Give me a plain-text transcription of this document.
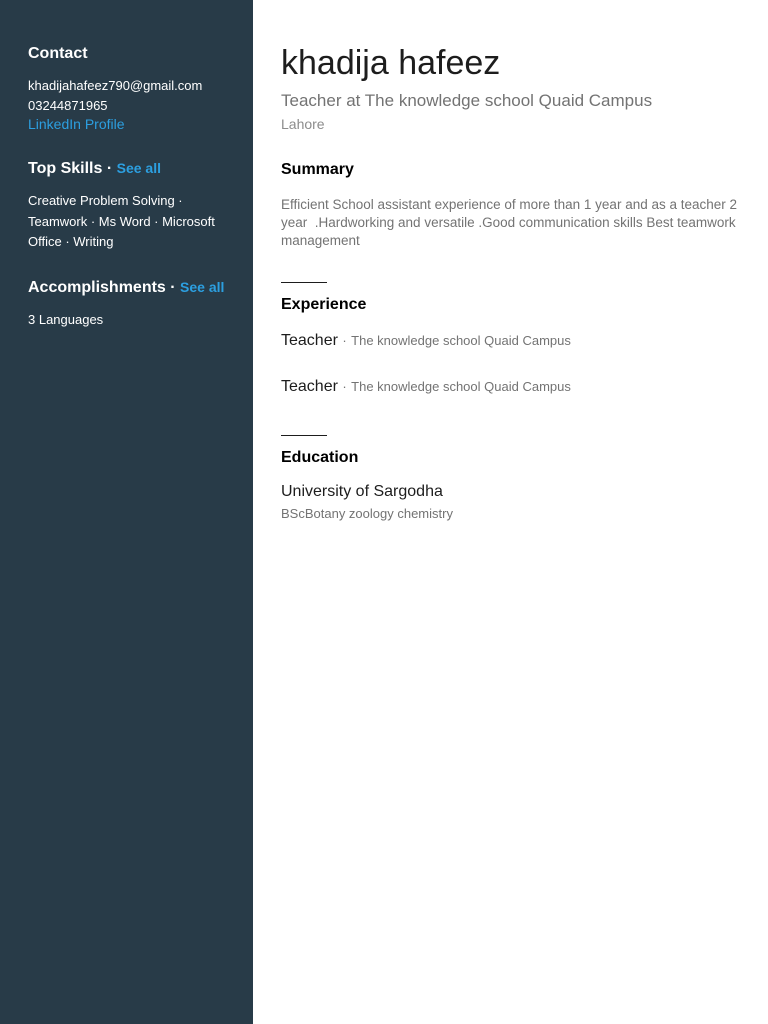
Contact

khadijahafeez790@gmail.com

03244871965

LinkedIn Profile
Top Skills · See all
Creative Problem Solving ·
Teamwork · Ms Word · Microsoft
Office · Writing
Accomplishments · See all

3 Languages

khadija hafeez
Teacher at The knowledge school Quaid Campus
Lahore
Summary
Efficient School assistant experience of more than 1 year and as a teacher 2 year  .Hardworking and versatile .Good communication skills Best teamwork management
Experience
Teacher · The knowledge school Quaid Campus
Teacher · The knowledge school Quaid Campus
Education
University of Sargodha
BScBotany zoology chemistry
